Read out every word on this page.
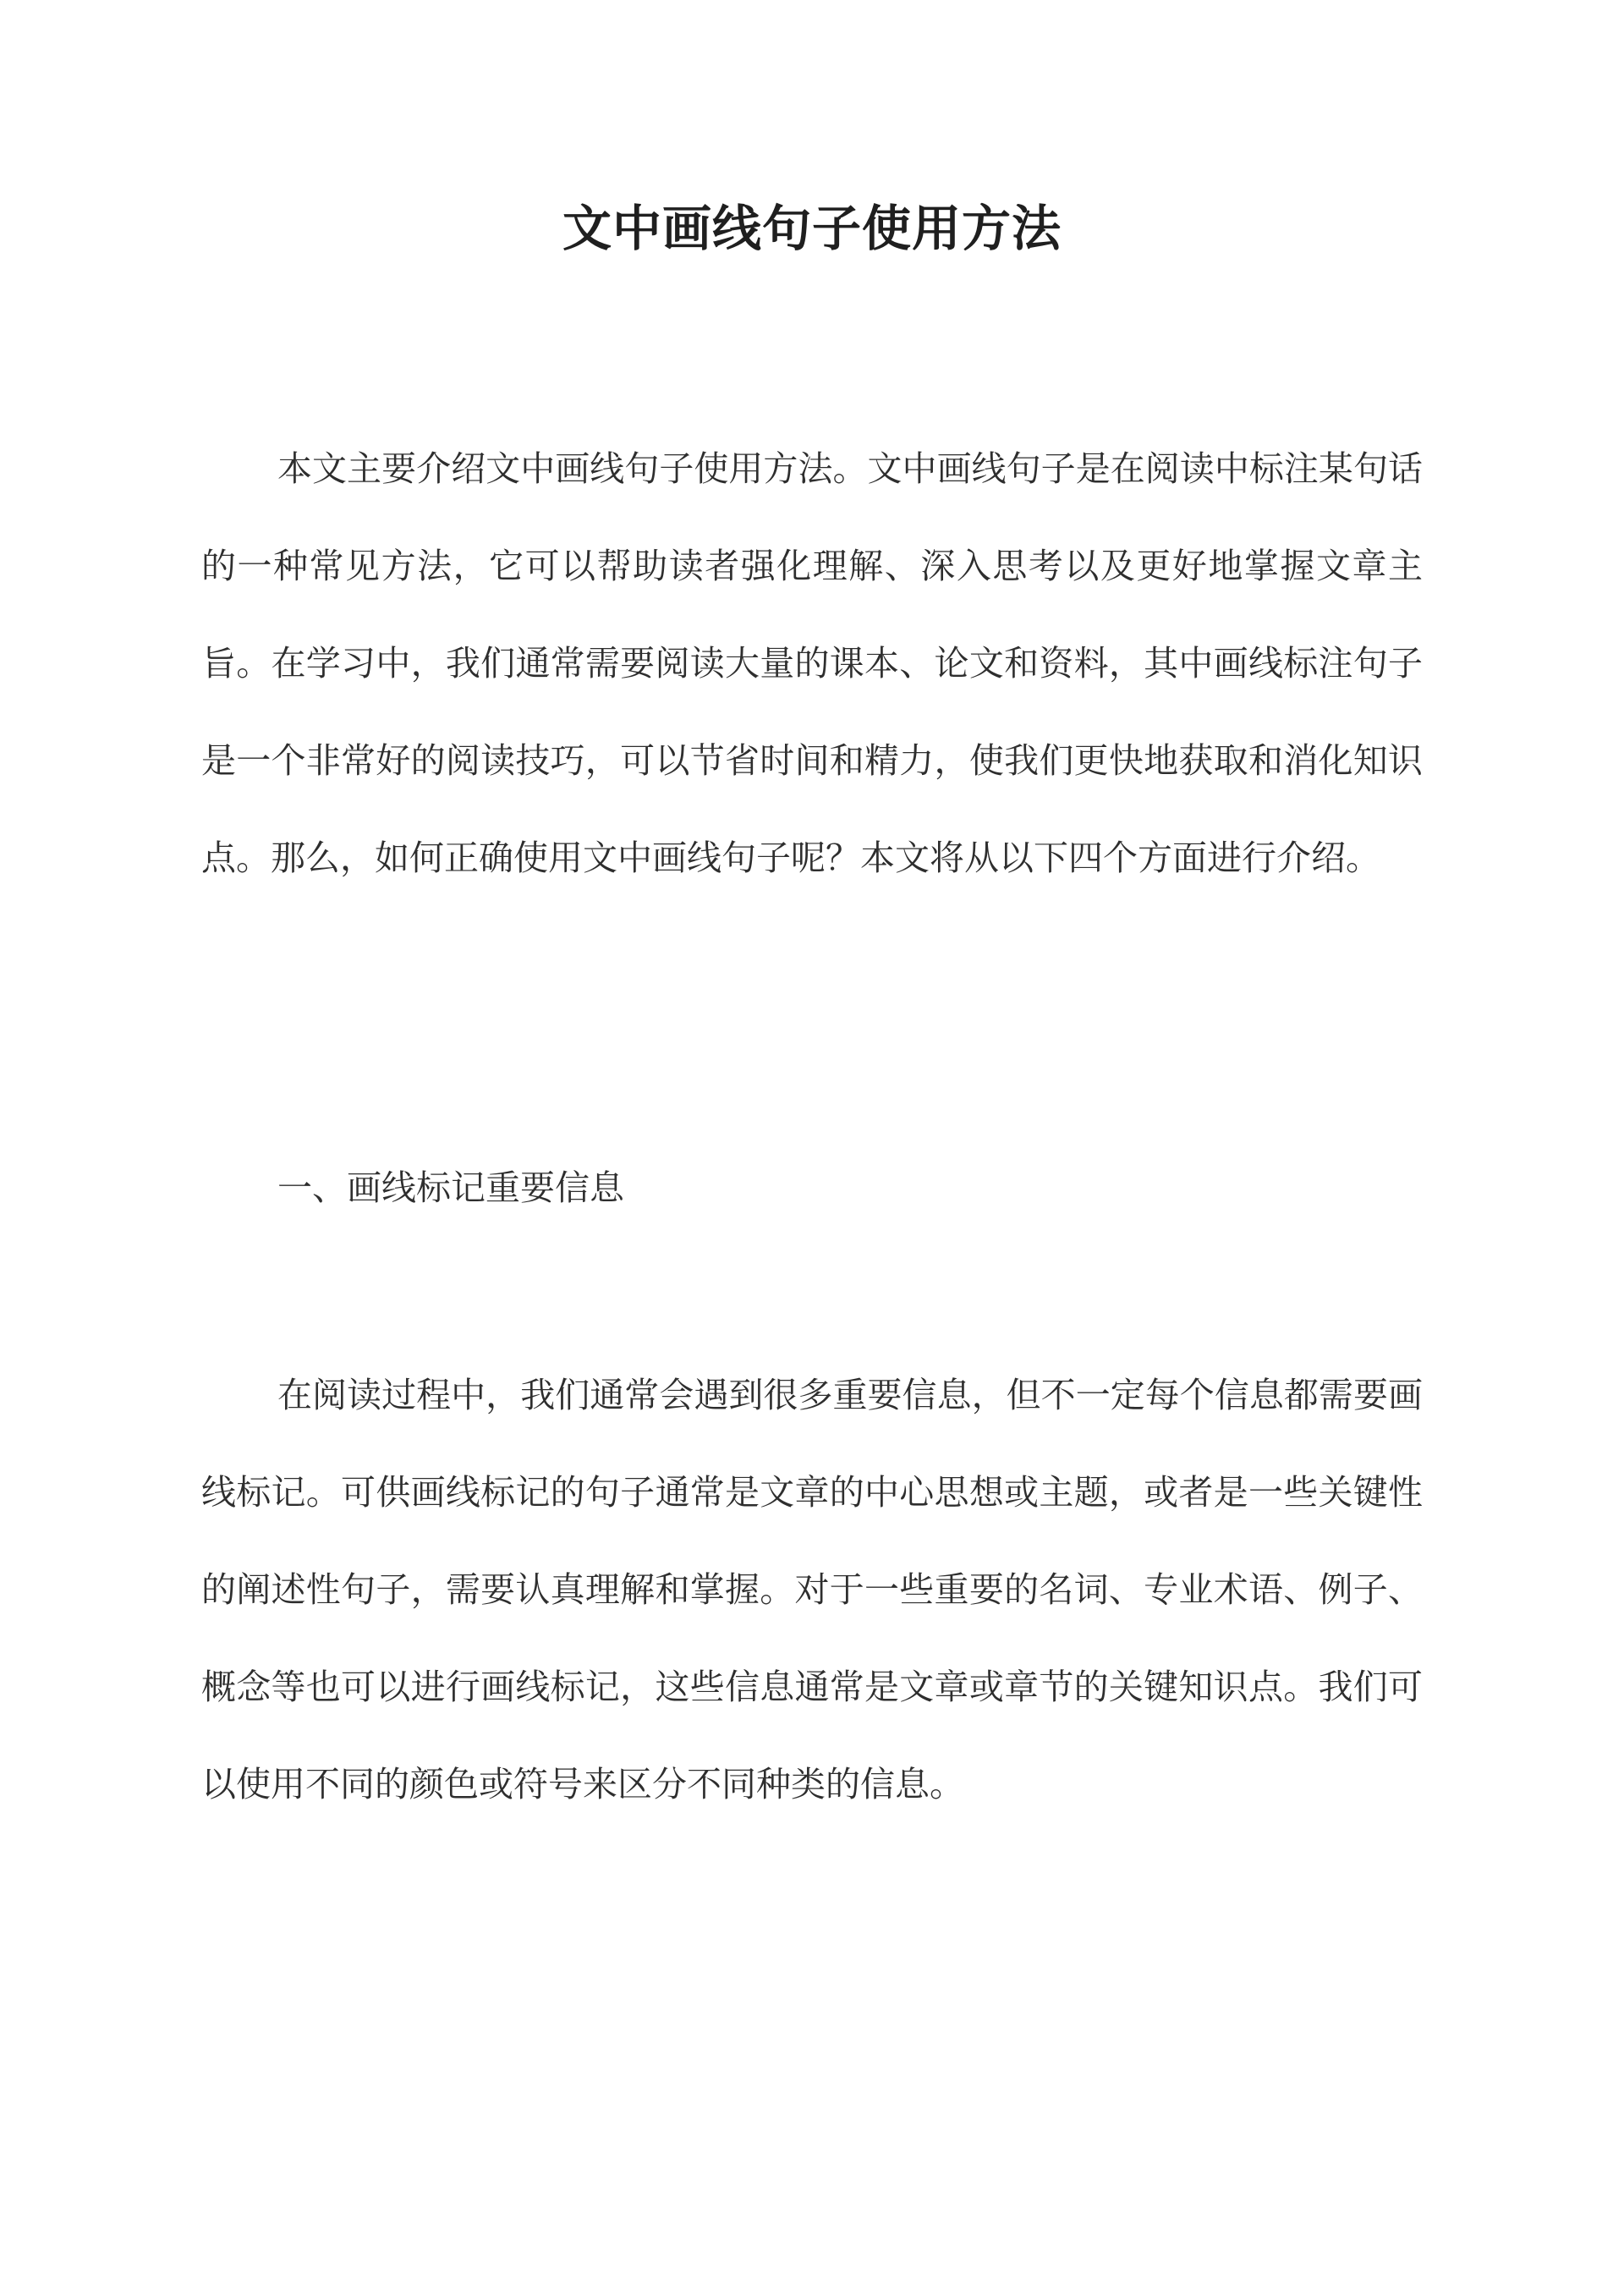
文中画线句子使用方法

本文主要介绍文中画线句子使用方法。文中画线句子是在阅读中标注某句话的一种常见方法，它可以帮助读者强化理解、深入思考以及更好地掌握文章主旨。在学习中，我们通常需要阅读大量的课本、论文和资料，其中画线标注句子是一个非常好的阅读技巧，可以节省时间和精力，使我们更快地获取和消化知识点。那么，如何正确使用文中画线句子呢？本文将从以下四个方面进行介绍。

一、画线标记重要信息

在阅读过程中，我们通常会遇到很多重要信息，但不一定每个信息都需要画线标记。可供画线标记的句子通常是文章的中心思想或主题，或者是一些关键性的阐述性句子，需要认真理解和掌握。对于一些重要的名词、专业术语、例子、概念等也可以进行画线标记，这些信息通常是文章或章节的关键知识点。我们可以使用不同的颜色或符号来区分不同种类的信息。
